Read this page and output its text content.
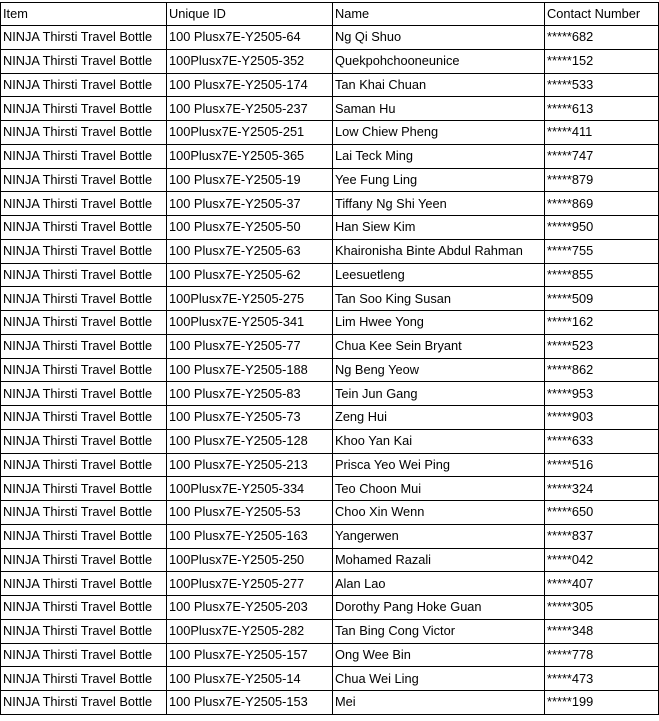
Item	Unique ID	Name	Contact Number
NINJA Thirsti Travel Bottle	100 Plusx7E-Y2505-64	Ng Qi Shuo	*****682
NINJA Thirsti Travel Bottle	100Plusx7E-Y2505-352	Quekpohchooneunice	*****152
NINJA Thirsti Travel Bottle	100 Plusx7E-Y2505-174	Tan Khai Chuan	*****533
NINJA Thirsti Travel Bottle	100 Plusx7E-Y2505-237	Saman Hu	*****613
NINJA Thirsti Travel Bottle	100Plusx7E-Y2505-251	Low Chiew Pheng	*****411
NINJA Thirsti Travel Bottle	100Plusx7E-Y2505-365	Lai Teck Ming	*****747
NINJA Thirsti Travel Bottle	100 Plusx7E-Y2505-19	Yee Fung Ling	*****879
NINJA Thirsti Travel Bottle	100 Plusx7E-Y2505-37	Tiffany Ng Shi Yeen	*****869
NINJA Thirsti Travel Bottle	100 Plusx7E-Y2505-50	Han Siew Kim	*****950
NINJA Thirsti Travel Bottle	100 Plusx7E-Y2505-63	Khaironisha Binte Abdul Rahman	*****755
NINJA Thirsti Travel Bottle	100 Plusx7E-Y2505-62	Leesuetleng	*****855
NINJA Thirsti Travel Bottle	100Plusx7E-Y2505-275	Tan Soo King Susan	*****509
NINJA Thirsti Travel Bottle	100Plusx7E-Y2505-341	Lim Hwee Yong	*****162
NINJA Thirsti Travel Bottle	100 Plusx7E-Y2505-77	Chua Kee Sein Bryant	*****523
NINJA Thirsti Travel Bottle	100 Plusx7E-Y2505-188	Ng Beng Yeow	*****862
NINJA Thirsti Travel Bottle	100 Plusx7E-Y2505-83	Tein Jun Gang	*****953
NINJA Thirsti Travel Bottle	100 Plusx7E-Y2505-73	Zeng Hui	*****903
NINJA Thirsti Travel Bottle	100 Plusx7E-Y2505-128	Khoo Yan Kai	*****633
NINJA Thirsti Travel Bottle	100 Plusx7E-Y2505-213	Prisca Yeo Wei Ping	*****516
NINJA Thirsti Travel Bottle	100Plusx7E-Y2505-334	Teo Choon Mui	*****324
NINJA Thirsti Travel Bottle	100 Plusx7E-Y2505-53	Choo Xin Wenn	*****650
NINJA Thirsti Travel Bottle	100 Plusx7E-Y2505-163	Yangerwen	*****837
NINJA Thirsti Travel Bottle	100Plusx7E-Y2505-250	Mohamed Razali	*****042
NINJA Thirsti Travel Bottle	100Plusx7E-Y2505-277	Alan Lao	*****407
NINJA Thirsti Travel Bottle	100 Plusx7E-Y2505-203	Dorothy Pang Hoke Guan	*****305
NINJA Thirsti Travel Bottle	100Plusx7E-Y2505-282	Tan Bing Cong Victor	*****348
NINJA Thirsti Travel Bottle	100 Plusx7E-Y2505-157	Ong Wee Bin	*****778
NINJA Thirsti Travel Bottle	100 Plusx7E-Y2505-14	Chua Wei Ling	*****473
NINJA Thirsti Travel Bottle	100 Plusx7E-Y2505-153	Mei	*****199
